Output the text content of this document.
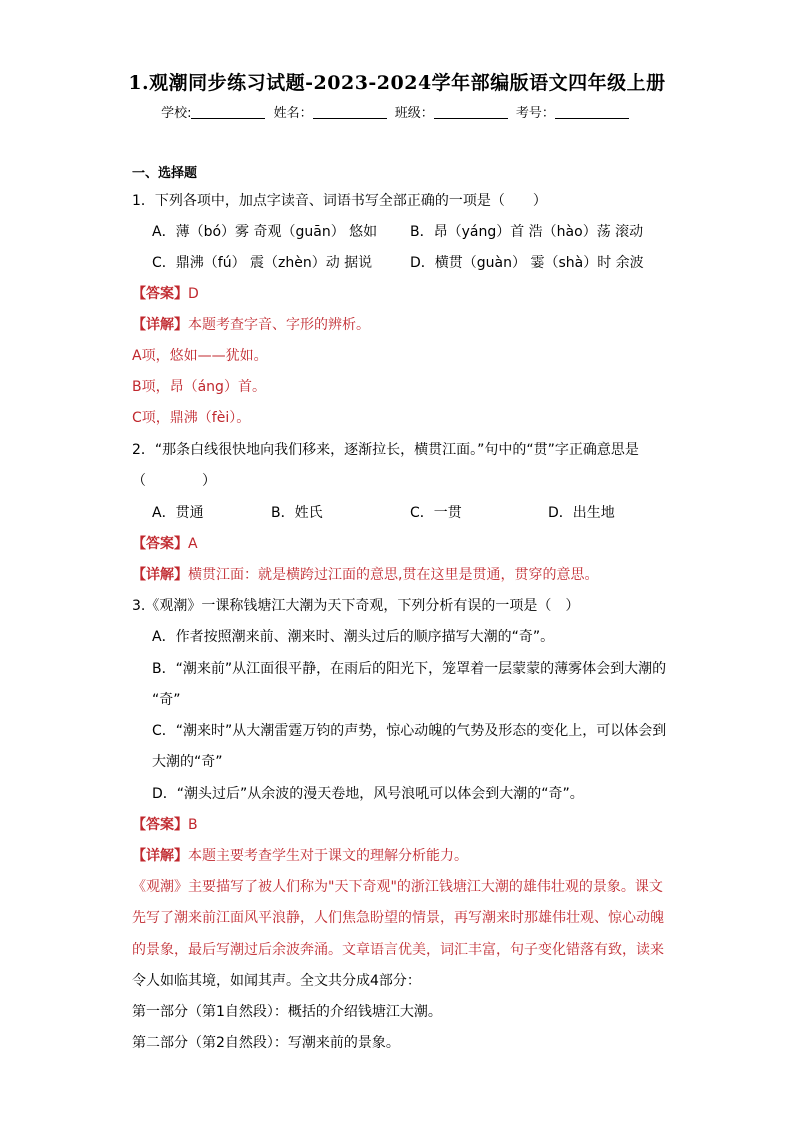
1.观潮同步练习试题-2023-2024学年部编版语文四年级上册
学校:	姓名：	班级：	考号：
一、选择题
1．下列各项中，加点字读音、词语书写全部正确的一项是（　　）
A．薄（bó）雾 奇观（guān） 悠如 B．昂（yáng）首 浩（hào）荡 滚动
C．鼎沸（fú） 震（zhèn）动 据说	D．横贯（guàn） 霎（shà）时 余波
【答案】D
【详解】本题考查字音、字形的辨析。
A项，悠如——犹如。
B项，昂（áng）首。
C项，鼎沸（fèi）。
2．“那条白线很快地向我们移来，逐渐拉长，横贯江面。”句中的“贯”字正确意思是
（　　　　）
A．贯通	B．姓氏	C．一贯	D．出生地
【答案】A
【详解】横贯江面：就是横跨过江面的意思,贯在这里是贯通，贯穿的意思。
3.《观潮》一课称钱塘江大潮为天下奇观，下列分析有误的一项是（　）
A．作者按照潮来前、潮来时、潮头过后的顺序描写大潮的“奇”。
B．“潮来前”从江面很平静，在雨后的阳光下，笼罩着一层蒙蒙的薄雾体会到大潮的
“奇”
C．“潮来时”从大潮雷霆万钧的声势，惊心动魄的气势及形态的变化上，可以体会到
大潮的“奇”
D．“潮头过后”从余波的漫天卷地，风号浪吼可以体会到大潮的“奇”。
【答案】B
【详解】本题主要考查学生对于课文的理解分析能力。
《观潮》主要描写了被人们称为"天下奇观"的浙江钱塘江大潮的雄伟壮观的景象。课文
先写了潮来前江面风平浪静，人们焦急盼望的情景，再写潮来时那雄伟壮观、惊心动魄
的景象，最后写潮过后余波奔涌。文章语言优美，词汇丰富，句子变化错落有致，读来
令人如临其境，如闻其声。全文共分成4部分：
第一部分（第1自然段）：概括的介绍钱塘江大潮。
第二部分（第2自然段）：写潮来前的景象。
